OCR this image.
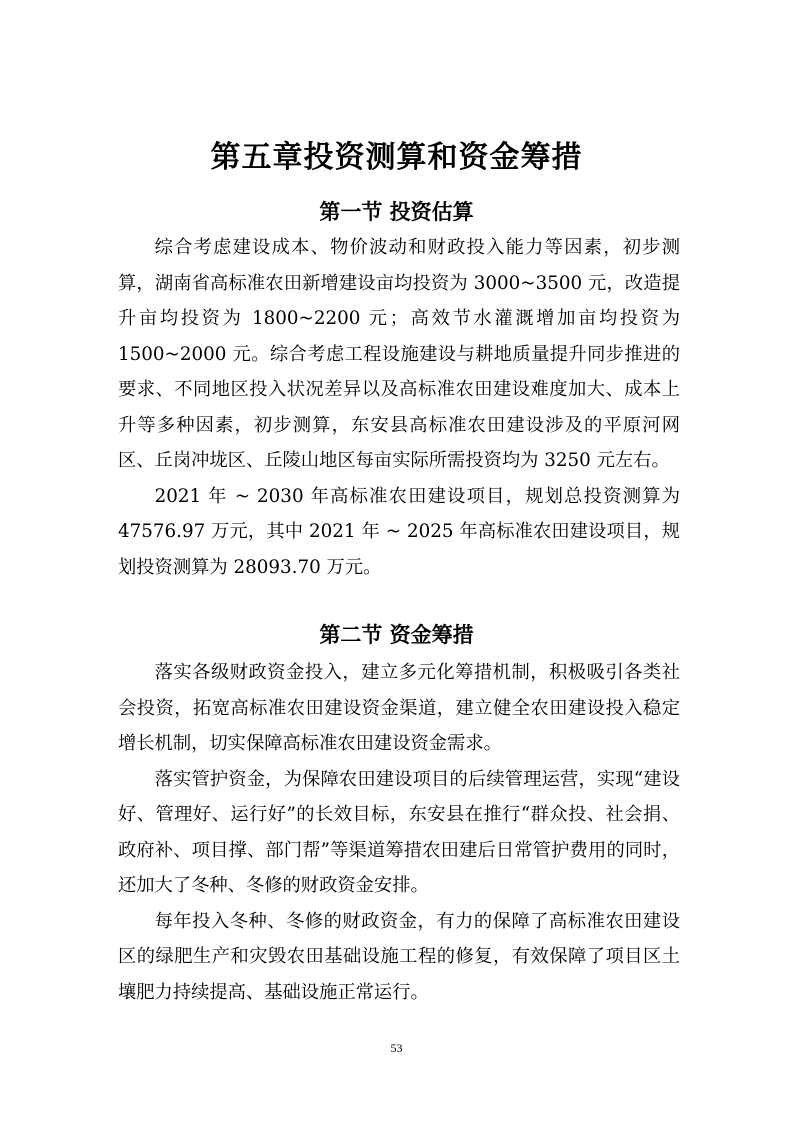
第五章投资测算和资金筹措
第一节 投资估算

综合考虑建设成本、物价波动和财政投入能力等因素，初步测算，湖南省高标准农田新增建设亩均投资为 3000~3500 元，改造提升亩均投资为 1800~2200 元；高效节水灌溉增加亩均投资为 1500~2000 元。综合考虑工程设施建设与耕地质量提升同步推进的要求、不同地区投入状况差异以及高标准农田建设难度加大、成本上升等多种因素，初步测算，东安县高标准农田建设涉及的平原河网区、丘岗冲垅区、丘陵山地区每亩实际所需投资均为 3250 元左右。

2021 年 ~ 2030 年高标准农田建设项目，规划总投资测算为 47576.97 万元，其中 2021 年 ~ 2025 年高标准农田建设项目，规划投资测算为 28093.70 万元。

第二节 资金筹措

落实各级财政资金投入，建立多元化筹措机制，积极吸引各类社会投资，拓宽高标准农田建设资金渠道，建立健全农田建设投入稳定增长机制，切实保障高标准农田建设资金需求。

落实管护资金，为保障农田建设项目的后续管理运营，实现“建设好、管理好、运行好”的长效目标，东安县在推行“群众投、社会捐、政府补、项目撑、部门帮”等渠道筹措农田建后日常管护费用的同时，还加大了冬种、冬修的财政资金安排。

每年投入冬种、冬修的财政资金，有力的保障了高标准农田建设区的绿肥生产和灾毁农田基础设施工程的修复，有效保障了项目区土壤肥力持续提高、基础设施正常运行。

53
